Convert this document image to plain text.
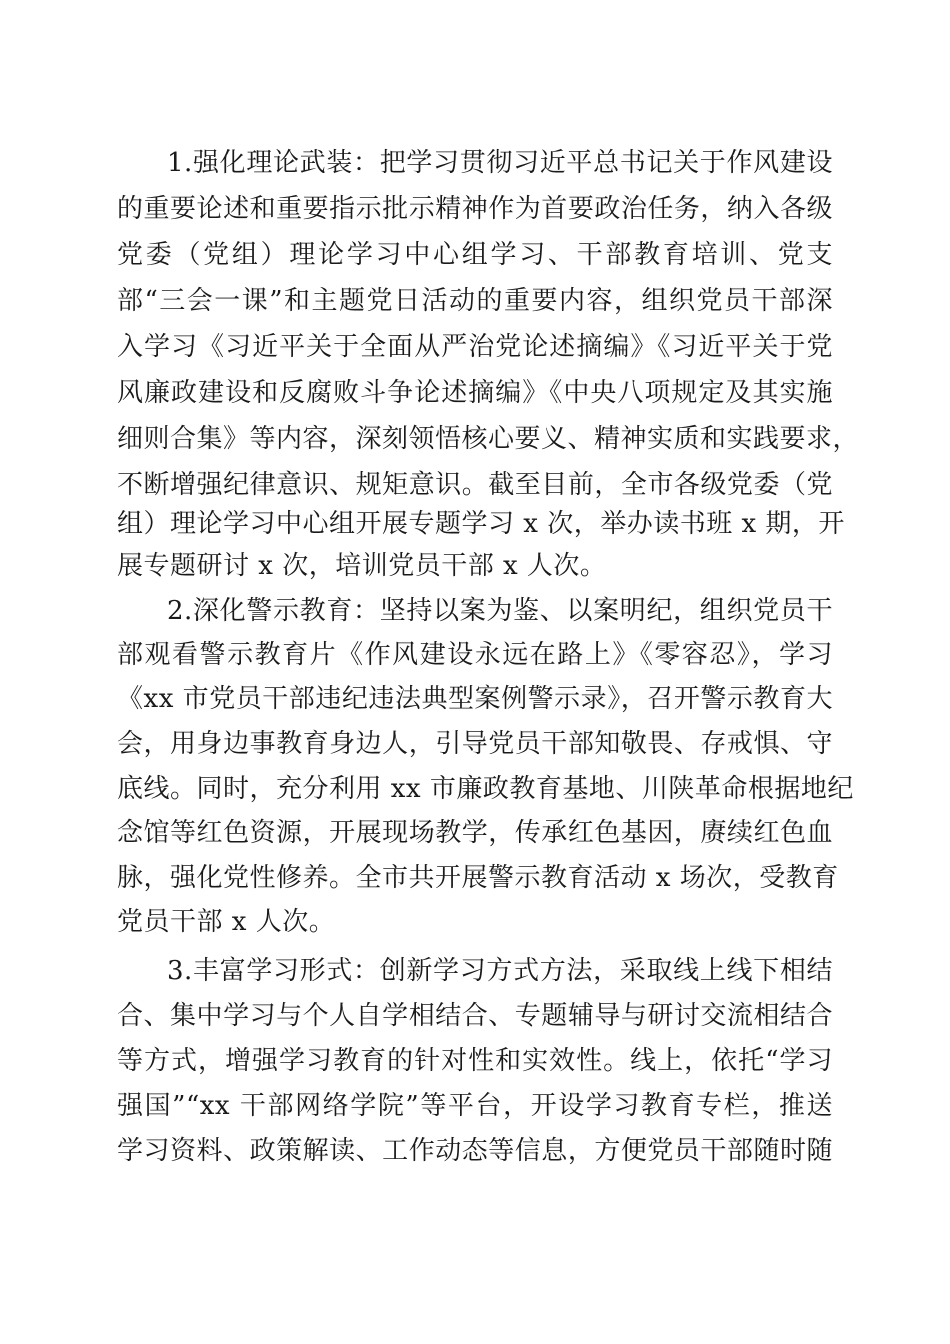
1.强化理论武装：把学习贯彻习近平总书记关于作风建设
的重要论述和重要指示批示精神作为首要政治任务，纳入各级
党委（党组）理论学习中心组学习、干部教育培训、党支
部“三会一课”和主题党日活动的重要内容，组织党员干部深
入学习《习近平关于全面从严治党论述摘编》《习近平关于党
风廉政建设和反腐败斗争论述摘编》《中央八项规定及其实施
细则合集》等内容，深刻领悟核心要义、精神实质和实践要求，
不断增强纪律意识、规矩意识。截至目前，全市各级党委（党
组）理论学习中心组开展专题学习 x 次，举办读书班 x 期，开
展专题研讨 x 次，培训党员干部 x 人次。
2.深化警示教育：坚持以案为鉴、以案明纪，组织党员干
部观看警示教育片《作风建设永远在路上》《零容忍》，学习
《xx 市党员干部违纪违法典型案例警示录》，召开警示教育大
会，用身边事教育身边人，引导党员干部知敬畏、存戒惧、守
底线。同时，充分利用 xx 市廉政教育基地、川陕革命根据地纪
念馆等红色资源，开展现场教学，传承红色基因，赓续红色血
脉，强化党性修养。全市共开展警示教育活动 x 场次，受教育
党员干部 x 人次。
3.丰富学习形式：创新学习方式方法，采取线上线下相结
合、集中学习与个人自学相结合、专题辅导与研讨交流相结合
等方式，增强学习教育的针对性和实效性。线上，依托“学习
强国”“xx 干部网络学院”等平台，开设学习教育专栏，推送
学习资料、政策解读、工作动态等信息，方便党员干部随时随
